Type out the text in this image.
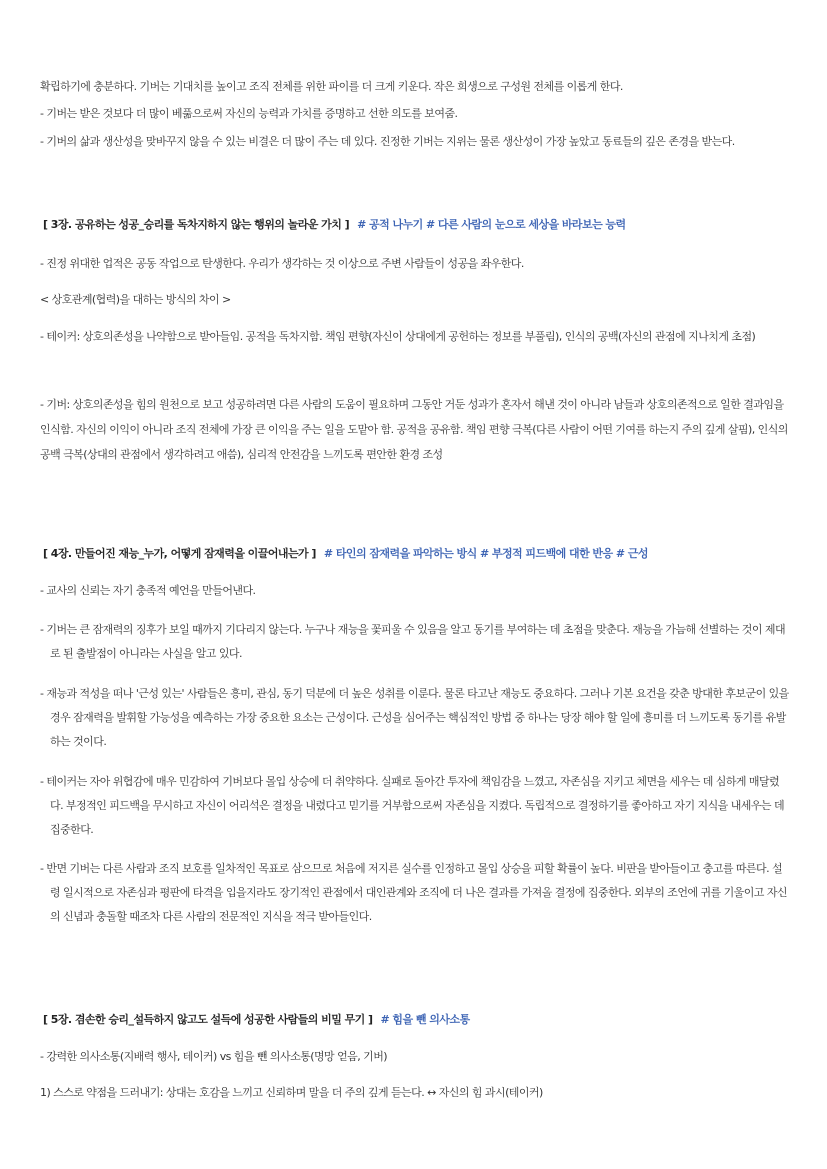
확립하기에 충분하다. 기버는 기대치를 높이고 조직 전체를 위한 파이를 더 크게 키운다. 작은 희생으로 구성원 전체를 이롭게 한다.
- 기버는 받은 것보다 더 많이 베풂으로써 자신의 능력과 가치를 증명하고 선한 의도를 보여줌.
- 기버의 삶과 생산성을 맞바꾸지 않을 수 있는 비결은 더 많이 주는 데 있다. 진정한 기버는 지위는 물론 생산성이 가장 높았고 동료들의 깊은 존경을 받는다.
[ 3장. 공유하는 성공_승리를 독차지하지 않는 행위의 놀라운 가치 ] # 공적 나누기 # 다른 사람의 눈으로 세상을 바라보는 능력
- 진정 위대한 업적은 공동 작업으로 탄생한다. 우리가 생각하는 것 이상으로 주변 사람들이 성공을 좌우한다.
< 상호관계(협력)을 대하는 방식의 차이 >
- 테이커: 상호의존성을 나약함으로 받아들임. 공적을 독차지함. 책임 편향(자신이 상대에게 공헌하는 정보를 부풀림), 인식의 공백(자신의 관점에 지나치게 초점)
- 기버: 상호의존성을 힘의 원천으로 보고 성공하려면 다른 사람의 도움이 필요하며 그동안 거둔 성과가 혼자서 해낸 것이 아니라 남들과 상호의존적으로 일한 결과임을 인식함. 자신의 이익이 아니라 조직 전체에 가장 큰 이익을 주는 일을 도맡아 함. 공적을 공유함. 책임 편향 극복(다른 사람이 어떤 기여를 하는지 주의 깊게 살핌), 인식의 공백 극복(상대의 관점에서 생각하려고 애씀), 심리적 안전감을 느끼도록 편안한 환경 조성
[ 4장. 만들어진 재능_누가, 어떻게 잠재력을 이끌어내는가 ] # 타인의 잠재력을 파악하는 방식 # 부정적 피드백에 대한 반응 # 근성
- 교사의 신뢰는 자기 충족적 예언을 만들어낸다.
- 기버는 큰 잠재력의 징후가 보일 때까지 기다리지 않는다. 누구나 재능을 꽃피울 수 있음을 알고 동기를 부여하는 데 초점을 맞춘다. 재능을 가늠해 선별하는 것이 제대로 된 출발점이 아니라는 사실을 알고 있다.
- 재능과 적성을 떠나 '근성 있는' 사람들은 흥미, 관심, 동기 덕분에 더 높은 성취를 이룬다. 물론 타고난 재능도 중요하다. 그러나 기본 요건을 갖춘 방대한 후보군이 있을 경우 잠재력을 발휘할 가능성을 예측하는 가장 중요한 요소는 근성이다. 근성을 심어주는 핵심적인 방법 중 하나는 당장 해야 할 일에 흥미를 더 느끼도록 동기를 유발하는 것이다.
- 테이커는 자아 위협감에 매우 민감하여 기버보다 몰입 상승에 더 취약하다. 실패로 돌아간 투자에 책임감을 느꼈고, 자존심을 지키고 체면을 세우는 데 심하게 매달렸다. 부정적인 피드백을 무시하고 자신이 어리석은 결정을 내렸다고 믿기를 거부함으로써 자존심을 지켰다. 독립적으로 결정하기를 좋아하고 자기 지식을 내세우는 데 집중한다.
- 반면 기버는 다른 사람과 조직 보호를 일차적인 목표로 삼으므로 처음에 저지른 실수를 인정하고 몰입 상승을 피할 확률이 높다. 비판을 받아들이고 충고를 따른다. 설령 일시적으로 자존심과 평판에 타격을 입을지라도 장기적인 관점에서 대인관계와 조직에 더 나은 결과를 가져올 결정에 집중한다. 외부의 조언에 귀를 기울이고 자신의 신념과 충돌할 때조차 다른 사람의 전문적인 지식을 적극 받아들인다.
[ 5장. 겸손한 승리_설득하지 않고도 설득에 성공한 사람들의 비밀 무기 ] # 힘을 뺀 의사소통
- 강력한 의사소통(지배력 행사, 테이커) vs 힘을 뺀 의사소통(명망 얻음, 기버)
1) 스스로 약점을 드러내기: 상대는 호감을 느끼고 신뢰하며 말을 더 주의 깊게 듣는다. ↔ 자신의 힘 과시(테이커)
